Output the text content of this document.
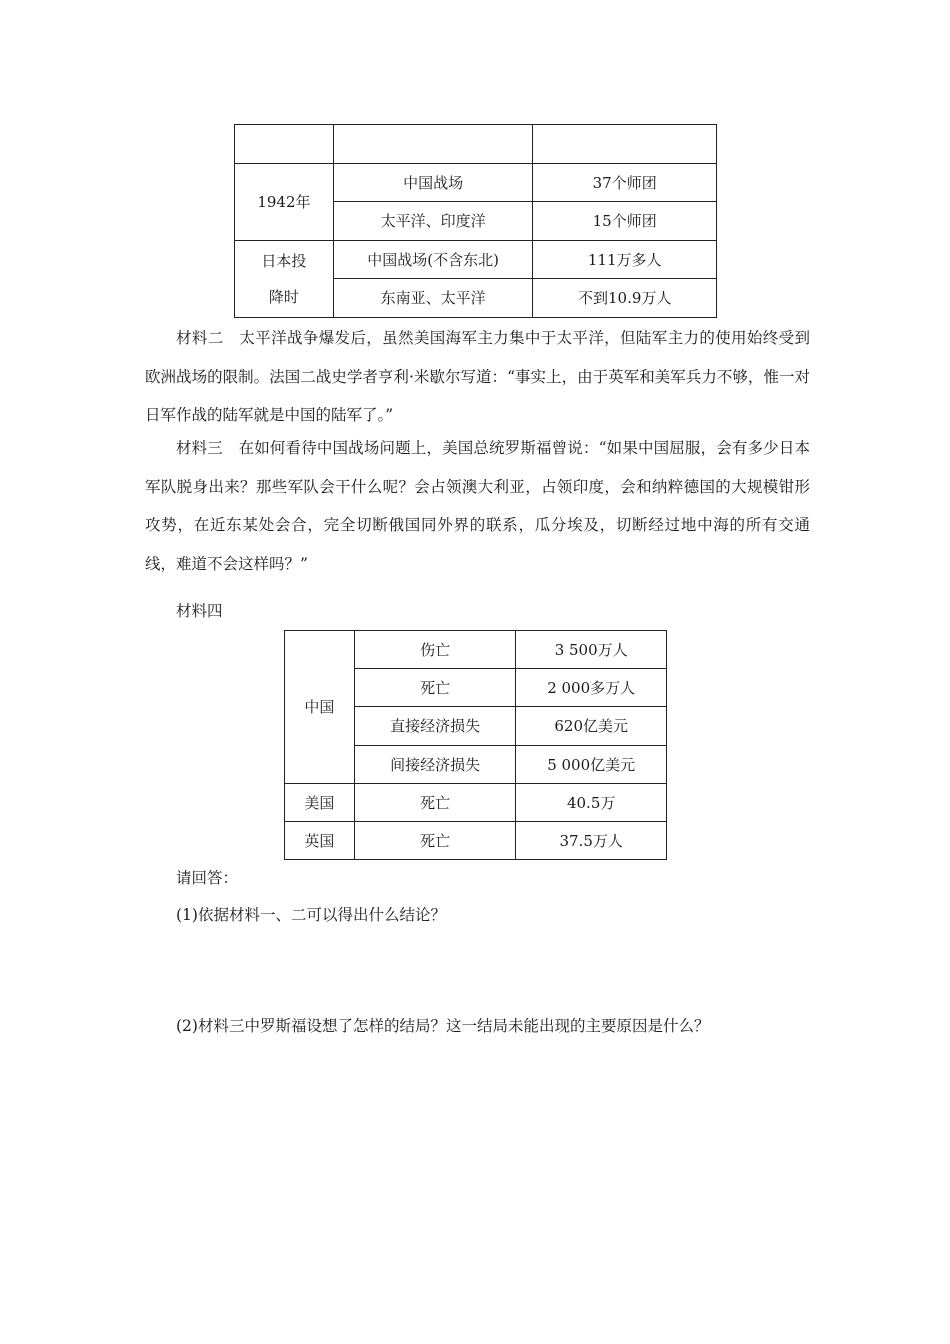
1942年	中国战场	37个师团
	太平洋、印度洋	15个师团

日本投
降时	中国战场(不含东北)	111万多人
	东南亚、太平洋	不到10.9万人

材料二　太平洋战争爆发后，虽然美国海军主力集中于太平洋，但陆军主力的使用始终受到欧洲战场的限制。法国二战史学者亨利·米歇尔写道：“事实上，由于英军和美军兵力不够，惟一对日军作战的陆军就是中国的陆军了。”

材料三　在如何看待中国战场问题上，美国总统罗斯福曾说：“如果中国屈服，会有多少日本军队脱身出来？那些军队会干什么呢？会占领澳大利亚，占领印度，会和纳粹德国的大规模钳形攻势，在近东某处会合，完全切断俄国同外界的联系，瓜分埃及，切断经过地中海的所有交通线，难道不会这样吗？”

材料四

中国	伤亡	3 500万人
	死亡	2 000多万人
	直接经济损失	620亿美元
	间接经济损失	5 000亿美元
美国	死亡	40.5万
英国	死亡	37.5万人

请回答：

(1)依据材料一、二可以得出什么结论？

(2)材料三中罗斯福设想了怎样的结局？这一结局未能出现的主要原因是什么？
